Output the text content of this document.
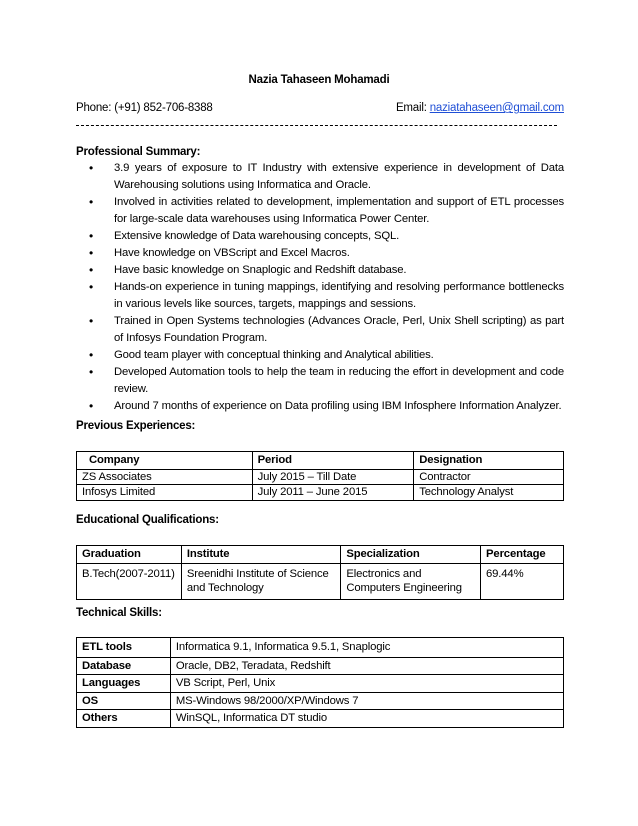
Nazia Tahaseen Mohamadi
Phone: (+91) 852-706-8388	Email: naziatahaseen@gmail.com
Professional Summary:
• 3.9 years of exposure to IT Industry with extensive experience in development of Data Warehousing solutions using Informatica and Oracle.
• Involved in activities related to development, implementation and support of ETL processes for large-scale data warehouses using Informatica Power Center.
• Extensive knowledge of Data warehousing concepts, SQL.
• Have knowledge on VBScript and Excel Macros.
• Have basic knowledge on Snaplogic and Redshift database.
• Hands-on experience in tuning mappings, identifying and resolving performance bottlenecks in various levels like sources, targets, mappings and sessions.
• Trained in Open Systems technologies (Advances Oracle, Perl, Unix Shell scripting) as part of Infosys Foundation Program.
• Good team player with conceptual thinking and Analytical abilities.
• Developed Automation tools to help the team in reducing the effort in development and code review.
• Around 7 months of experience on Data profiling using IBM Infosphere Information Analyzer.
Previous Experiences:
Company	Period	Designation
ZS Associates	July 2015 – Till Date	Contractor
Infosys Limited	July 2011 – June 2015	Technology Analyst
Educational Qualifications:
Graduation	Institute	Specialization	Percentage
B.Tech(2007-2011)	Sreenidhi Institute of Science and Technology	Electronics and Computers Engineering	69.44%
Technical Skills:
ETL tools	Informatica 9.1, Informatica 9.5.1, Snaplogic
Database	Oracle, DB2, Teradata, Redshift
Languages	VB Script, Perl, Unix
OS	MS-Windows 98/2000/XP/Windows 7
Others	WinSQL, Informatica DT studio
